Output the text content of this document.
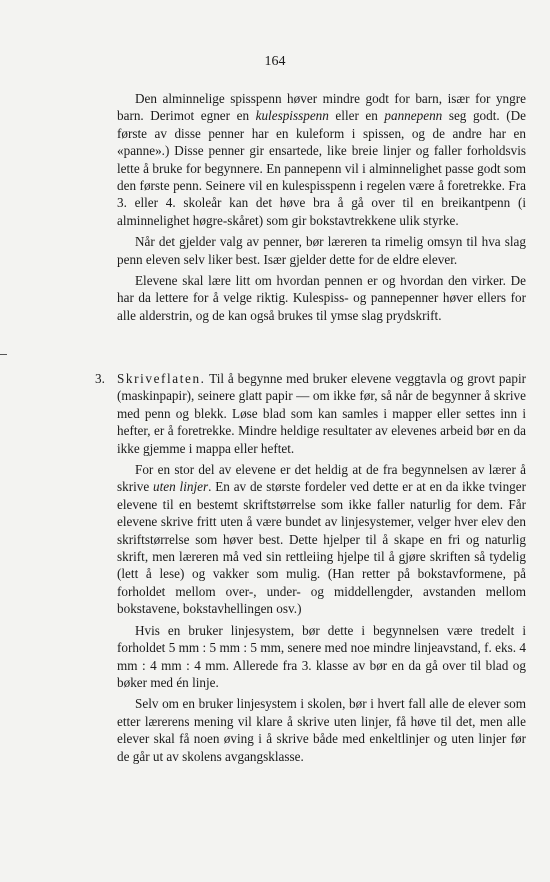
164

Den alminnelige spisspenn høver mindre godt for barn, især for yngre barn. Derimot egner en kulespisspenn eller en pannepenn seg godt. (De første av disse penner har en kuleform i spissen, og de andre har en «panne».) Disse penner gir ensartede, like breie linjer og faller forholdsvis lette å bruke for begynnere. En pannepenn vil i alminnelighet passe godt som den første penn. Seinere vil en kulespisspenn i regelen være å foretrekke. Fra 3. eller 4. skoleår kan det høve bra å gå over til en breikantpenn (i alminnelighet høgre-skåret) som gir bokstavtrekkene ulik styrke.

Når det gjelder valg av penner, bør læreren ta rimelig omsyn til hva slag penn eleven selv liker best. Især gjelder dette for de eldre elever.

Elevene skal lære litt om hvordan pennen er og hvordan den virker. De har da lettere for å velge riktig. Kulespiss- og pannepenner høver ellers for alle alderstrin, og de kan også brukes til ymse slag prydskrift.

3. Skriveflaten. Til å begynne med bruker elevene veggtavla og grovt papir (maskinpapir), seinere glatt papir — om ikke før, så når de begynner å skrive med penn og blekk. Løse blad som kan samles i mapper eller settes inn i hefter, er å foretrekke. Mindre heldige resultater av elevenes arbeid bør en da ikke gjemme i mappa eller heftet.

For en stor del av elevene er det heldig at de fra begynnelsen av lærer å skrive uten linjer. En av de største fordeler ved dette er at en da ikke tvinger elevene til en bestemt skriftstørrelse som ikke faller naturlig for dem. Får elevene skrive fritt uten å være bundet av linjesystemer, velger hver elev den skriftstørrelse som høver best. Dette hjelper til å skape en fri og naturlig skrift, men læreren må ved sin rettleiing hjelpe til å gjøre skriften så tydelig (lett å lese) og vakker som mulig. (Han retter på bokstavformene, på forholdet mellom over-, under- og middellengder, avstanden mellom bokstavene, bokstavhellingen osv.)

Hvis en bruker linjesystem, bør dette i begynnelsen være tredelt i forholdet 5 mm : 5 mm : 5 mm, senere med noe mindre linjeavstand, f. eks. 4 mm : 4 mm : 4 mm. Allerede fra 3. klasse av bør en da gå over til blad og bøker med én linje.

Selv om en bruker linjesystem i skolen, bør i hvert fall alle de elever som etter lærerens mening vil klare å skrive uten linjer, få høve til det, men alle elever skal få noen øving i å skrive både med enkeltlinjer og uten linjer før de går ut av skolens avgangsklasse.
